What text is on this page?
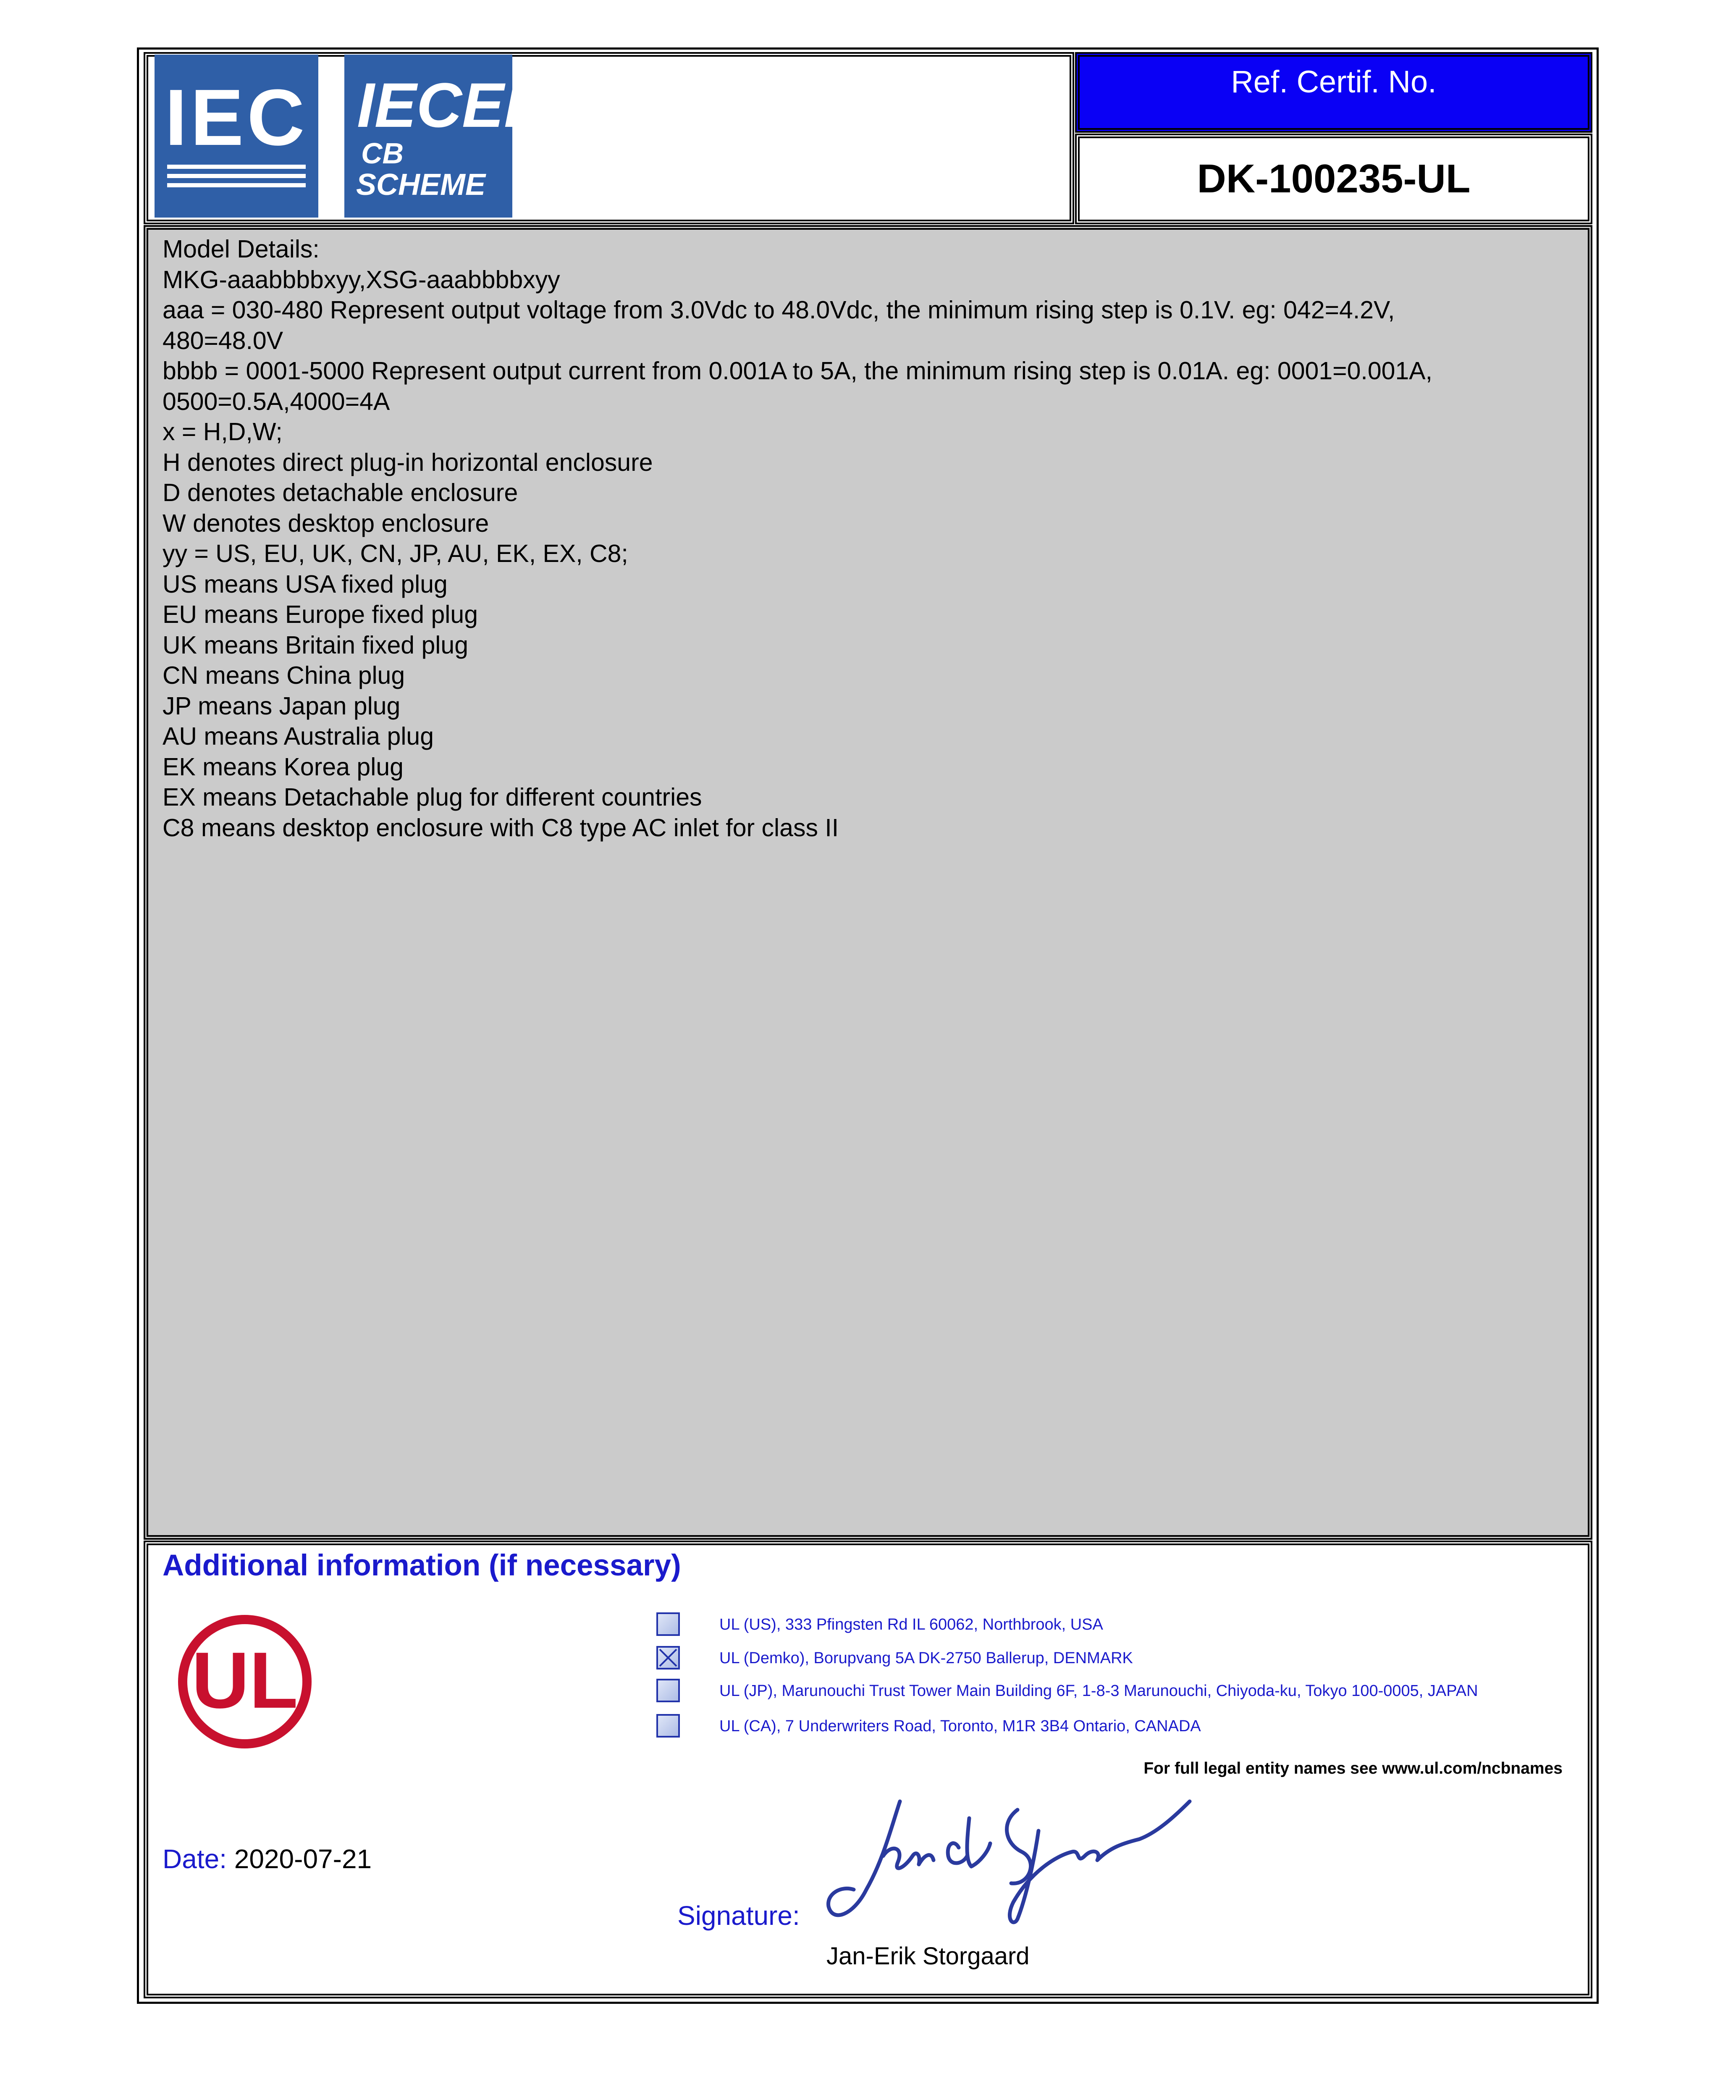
IEC IECEE
CB
SCHEME
Ref. Certif. No.
DK-100235-UL
Model Details:
MKG-aaabbbbxyy,XSG-aaabbbbxyy
aaa = 030-480 Represent output voltage from 3.0Vdc to 48.0Vdc, the minimum rising step is 0.1V. eg: 042=4.2V,
480=48.0V
bbbb = 0001-5000 Represent output current from 0.001A to 5A, the minimum rising step is 0.01A. eg: 0001=0.001A,
0500=0.5A,4000=4A
x = H,D,W;
H denotes direct plug-in horizontal enclosure
D denotes detachable enclosure
W denotes desktop enclosure
yy = US, EU, UK, CN, JP, AU, EK, EX, C8;
US means USA fixed plug
EU means Europe fixed plug
UK means Britain fixed plug
CN means China plug
JP means Japan plug
AU means Australia plug
EK means Korea plug
EX means Detachable plug for different countries
C8 means desktop enclosure with C8 type AC inlet for class II
Additional information (if necessary)
UL
UL (US), 333 Pfingsten Rd IL 60062, Northbrook, USA
UL (Demko), Borupvang 5A DK-2750 Ballerup, DENMARK
UL (JP), Marunouchi Trust Tower Main Building 6F, 1-8-3 Marunouchi, Chiyoda-ku, Tokyo 100-0005, JAPAN
UL (CA), 7 Underwriters Road, Toronto, M1R 3B4 Ontario, CANADA
For full legal entity names see www.ul.com/ncbnames
Date: 2020-07-21
Signature:
Jan-Erik Storgaard
